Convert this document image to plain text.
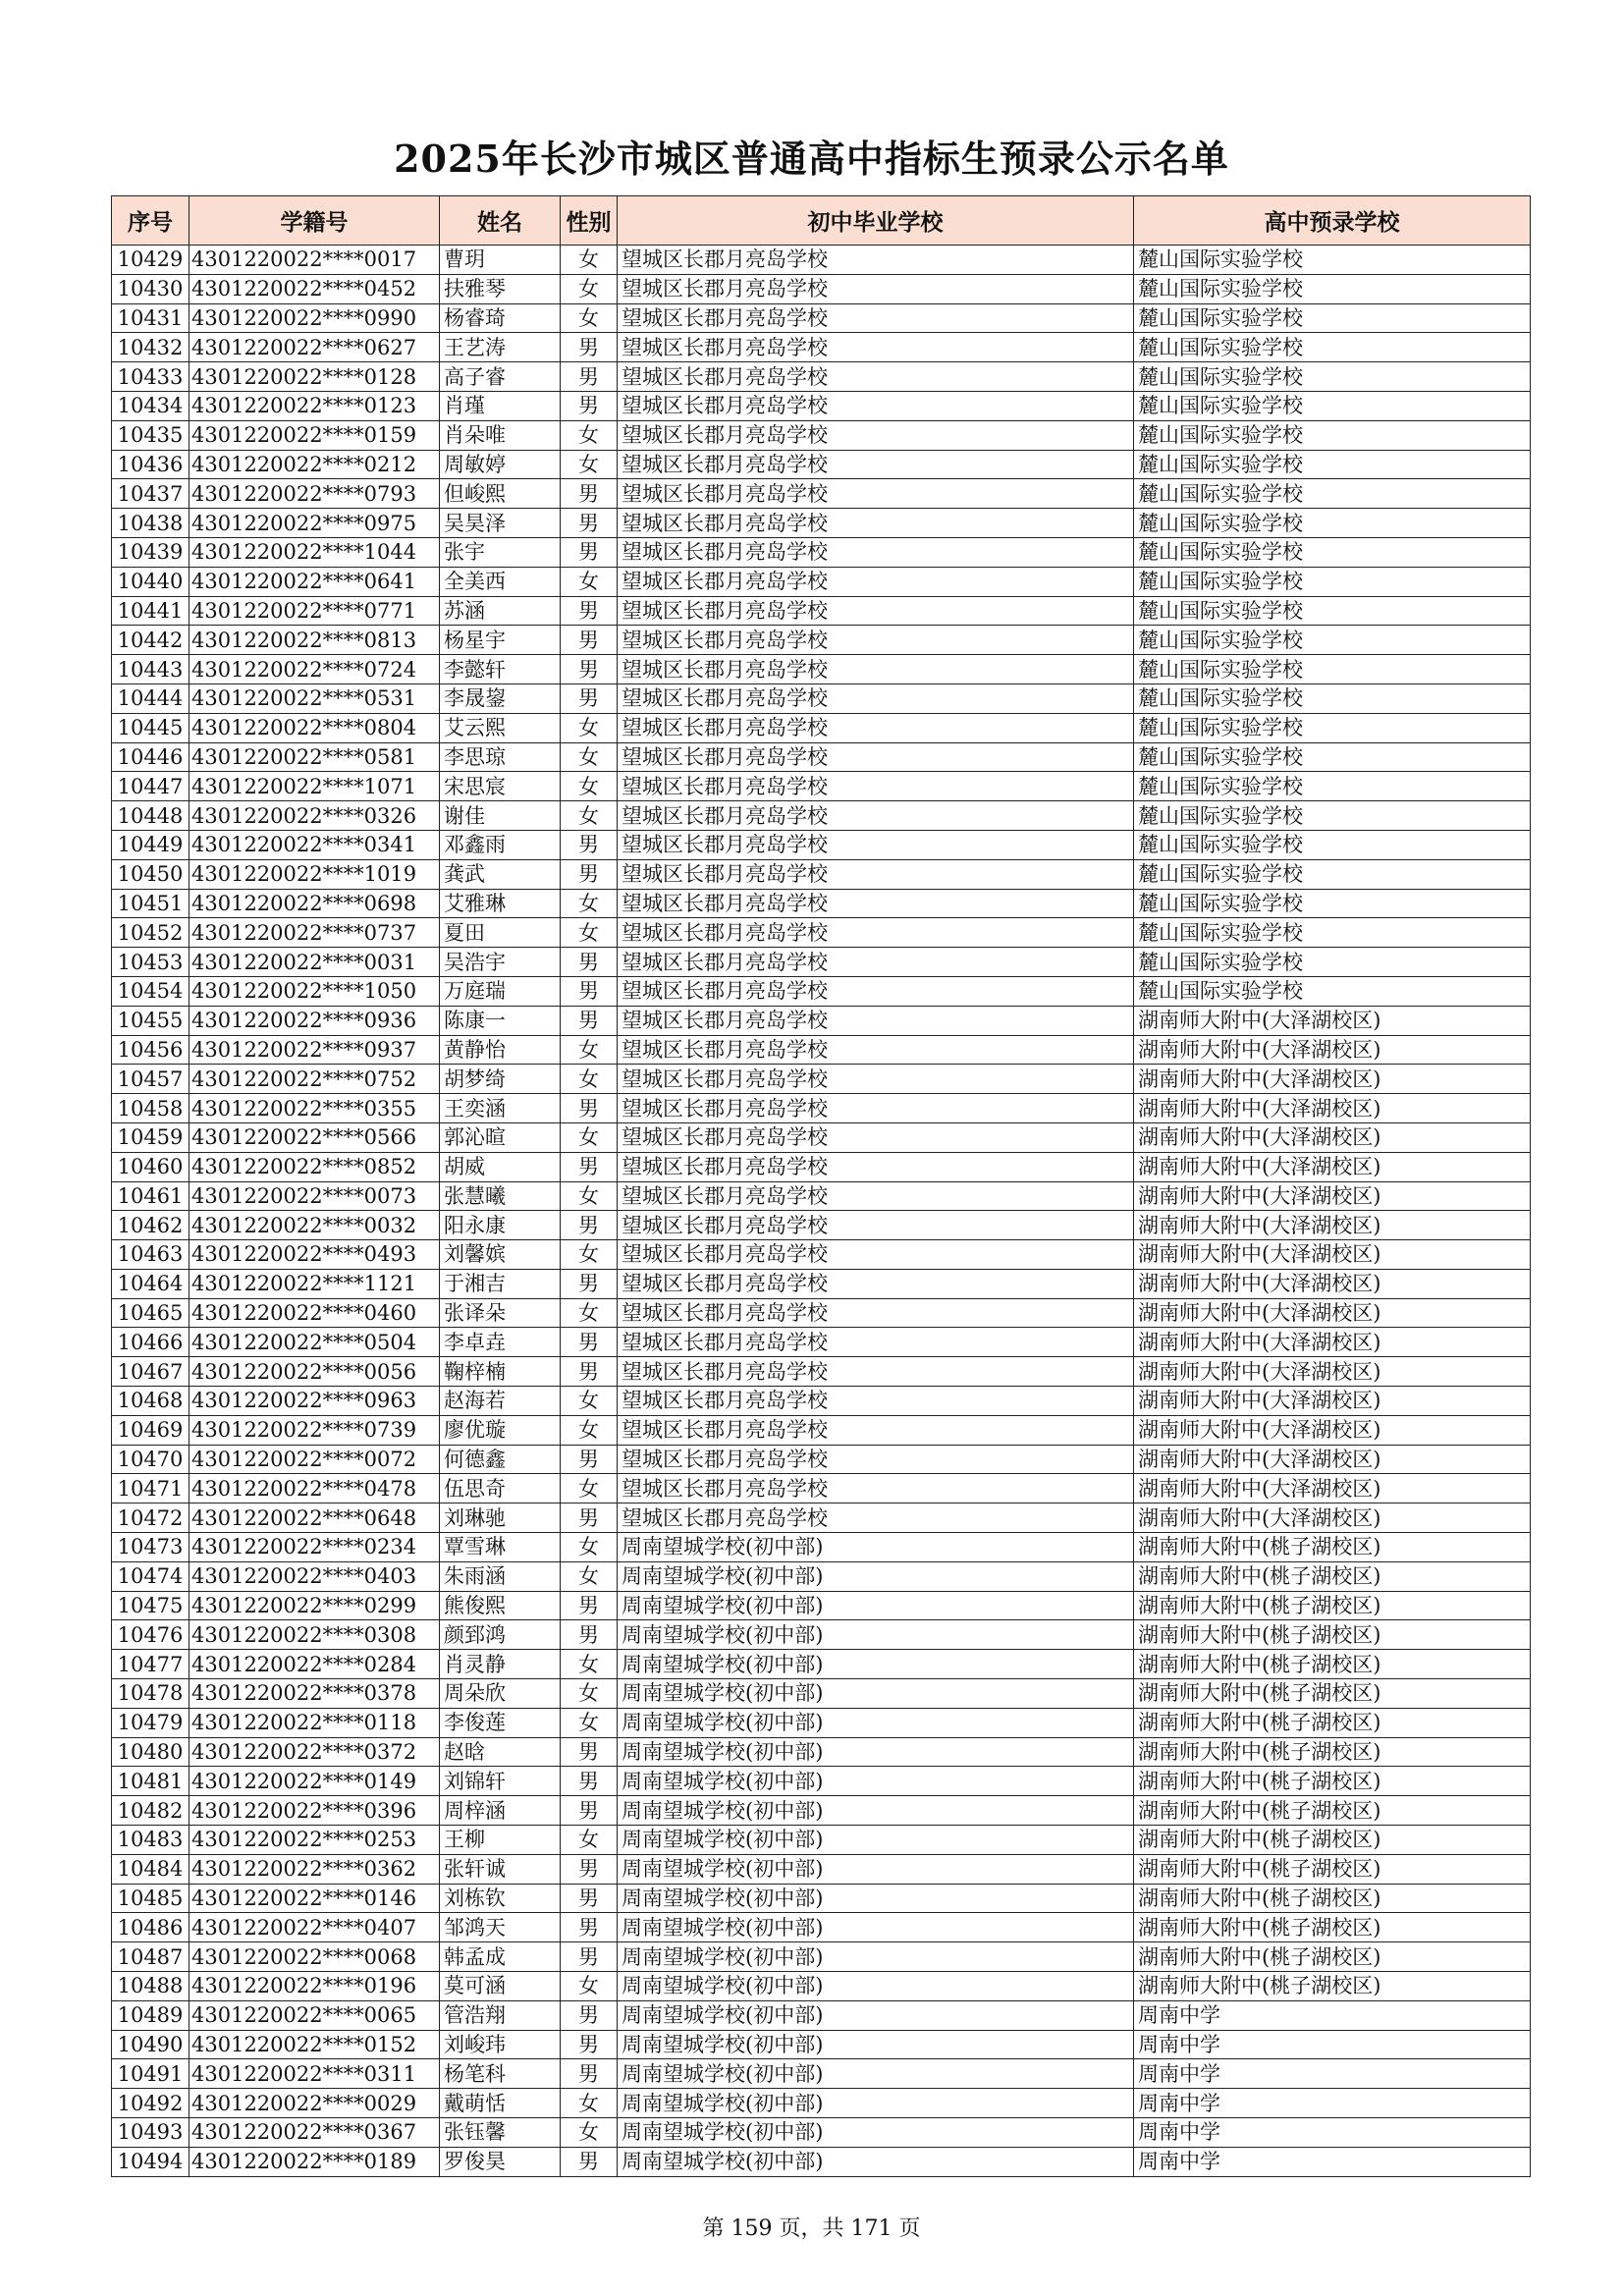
2025年长沙市城区普通高中指标生预录公示名单
序号	学籍号	姓名	性别	初中毕业学校	高中预录学校
10429	4301220022****0017	曹玥	女	望城区长郡月亮岛学校	麓山国际实验学校
10430	4301220022****0452	扶雅琴	女	望城区长郡月亮岛学校	麓山国际实验学校
10431	4301220022****0990	杨睿琦	女	望城区长郡月亮岛学校	麓山国际实验学校
10432	4301220022****0627	王艺涛	男	望城区长郡月亮岛学校	麓山国际实验学校
10433	4301220022****0128	高子睿	男	望城区长郡月亮岛学校	麓山国际实验学校
10434	4301220022****0123	肖瑾	男	望城区长郡月亮岛学校	麓山国际实验学校
10435	4301220022****0159	肖朵唯	女	望城区长郡月亮岛学校	麓山国际实验学校
10436	4301220022****0212	周敏婷	女	望城区长郡月亮岛学校	麓山国际实验学校
10437	4301220022****0793	但峻熙	男	望城区长郡月亮岛学校	麓山国际实验学校
10438	4301220022****0975	吴昊泽	男	望城区长郡月亮岛学校	麓山国际实验学校
10439	4301220022****1044	张宇	男	望城区长郡月亮岛学校	麓山国际实验学校
10440	4301220022****0641	全美西	女	望城区长郡月亮岛学校	麓山国际实验学校
10441	4301220022****0771	苏涵	男	望城区长郡月亮岛学校	麓山国际实验学校
10442	4301220022****0813	杨星宇	男	望城区长郡月亮岛学校	麓山国际实验学校
10443	4301220022****0724	李懿轩	男	望城区长郡月亮岛学校	麓山国际实验学校
10444	4301220022****0531	李晟鋆	男	望城区长郡月亮岛学校	麓山国际实验学校
10445	4301220022****0804	艾云熙	女	望城区长郡月亮岛学校	麓山国际实验学校
10446	4301220022****0581	李思琼	女	望城区长郡月亮岛学校	麓山国际实验学校
10447	4301220022****1071	宋思宸	女	望城区长郡月亮岛学校	麓山国际实验学校
10448	4301220022****0326	谢佳	女	望城区长郡月亮岛学校	麓山国际实验学校
10449	4301220022****0341	邓鑫雨	男	望城区长郡月亮岛学校	麓山国际实验学校
10450	4301220022****1019	龚武	男	望城区长郡月亮岛学校	麓山国际实验学校
10451	4301220022****0698	艾雅琳	女	望城区长郡月亮岛学校	麓山国际实验学校
10452	4301220022****0737	夏田	女	望城区长郡月亮岛学校	麓山国际实验学校
10453	4301220022****0031	吴浩宇	男	望城区长郡月亮岛学校	麓山国际实验学校
10454	4301220022****1050	万庭瑞	男	望城区长郡月亮岛学校	麓山国际实验学校
10455	4301220022****0936	陈康一	男	望城区长郡月亮岛学校	湖南师大附中(大泽湖校区)
10456	4301220022****0937	黄静怡	女	望城区长郡月亮岛学校	湖南师大附中(大泽湖校区)
10457	4301220022****0752	胡梦绮	女	望城区长郡月亮岛学校	湖南师大附中(大泽湖校区)
10458	4301220022****0355	王奕涵	男	望城区长郡月亮岛学校	湖南师大附中(大泽湖校区)
10459	4301220022****0566	郭沁暄	女	望城区长郡月亮岛学校	湖南师大附中(大泽湖校区)
10460	4301220022****0852	胡威	男	望城区长郡月亮岛学校	湖南师大附中(大泽湖校区)
10461	4301220022****0073	张慧曦	女	望城区长郡月亮岛学校	湖南师大附中(大泽湖校区)
10462	4301220022****0032	阳永康	男	望城区长郡月亮岛学校	湖南师大附中(大泽湖校区)
10463	4301220022****0493	刘馨嫔	女	望城区长郡月亮岛学校	湖南师大附中(大泽湖校区)
10464	4301220022****1121	于湘吉	男	望城区长郡月亮岛学校	湖南师大附中(大泽湖校区)
10465	4301220022****0460	张译朵	女	望城区长郡月亮岛学校	湖南师大附中(大泽湖校区)
10466	4301220022****0504	李卓垚	男	望城区长郡月亮岛学校	湖南师大附中(大泽湖校区)
10467	4301220022****0056	鞠梓楠	男	望城区长郡月亮岛学校	湖南师大附中(大泽湖校区)
10468	4301220022****0963	赵海若	女	望城区长郡月亮岛学校	湖南师大附中(大泽湖校区)
10469	4301220022****0739	廖优璇	女	望城区长郡月亮岛学校	湖南师大附中(大泽湖校区)
10470	4301220022****0072	何德鑫	男	望城区长郡月亮岛学校	湖南师大附中(大泽湖校区)
10471	4301220022****0478	伍思奇	女	望城区长郡月亮岛学校	湖南师大附中(大泽湖校区)
10472	4301220022****0648	刘琳驰	男	望城区长郡月亮岛学校	湖南师大附中(大泽湖校区)
10473	4301220022****0234	覃雪琳	女	周南望城学校(初中部)	湖南师大附中(桃子湖校区)
10474	4301220022****0403	朱雨涵	女	周南望城学校(初中部)	湖南师大附中(桃子湖校区)
10475	4301220022****0299	熊俊熙	男	周南望城学校(初中部)	湖南师大附中(桃子湖校区)
10476	4301220022****0308	颜郅鸿	男	周南望城学校(初中部)	湖南师大附中(桃子湖校区)
10477	4301220022****0284	肖灵静	女	周南望城学校(初中部)	湖南师大附中(桃子湖校区)
10478	4301220022****0378	周朵欣	女	周南望城学校(初中部)	湖南师大附中(桃子湖校区)
10479	4301220022****0118	李俊莲	女	周南望城学校(初中部)	湖南师大附中(桃子湖校区)
10480	4301220022****0372	赵晗	男	周南望城学校(初中部)	湖南师大附中(桃子湖校区)
10481	4301220022****0149	刘锦轩	男	周南望城学校(初中部)	湖南师大附中(桃子湖校区)
10482	4301220022****0396	周梓涵	男	周南望城学校(初中部)	湖南师大附中(桃子湖校区)
10483	4301220022****0253	王柳	女	周南望城学校(初中部)	湖南师大附中(桃子湖校区)
10484	4301220022****0362	张轩诚	男	周南望城学校(初中部)	湖南师大附中(桃子湖校区)
10485	4301220022****0146	刘栋钦	男	周南望城学校(初中部)	湖南师大附中(桃子湖校区)
10486	4301220022****0407	邹鸿天	男	周南望城学校(初中部)	湖南师大附中(桃子湖校区)
10487	4301220022****0068	韩孟成	男	周南望城学校(初中部)	湖南师大附中(桃子湖校区)
10488	4301220022****0196	莫可涵	女	周南望城学校(初中部)	湖南师大附中(桃子湖校区)
10489	4301220022****0065	管浩翔	男	周南望城学校(初中部)	周南中学
10490	4301220022****0152	刘峻玮	男	周南望城学校(初中部)	周南中学
10491	4301220022****0311	杨笔科	男	周南望城学校(初中部)	周南中学
10492	4301220022****0029	戴萌恬	女	周南望城学校(初中部)	周南中学
10493	4301220022****0367	张钰馨	女	周南望城学校(初中部)	周南中学
10494	4301220022****0189	罗俊昊	男	周南望城学校(初中部)	周南中学
第 159 页，共 171 页
